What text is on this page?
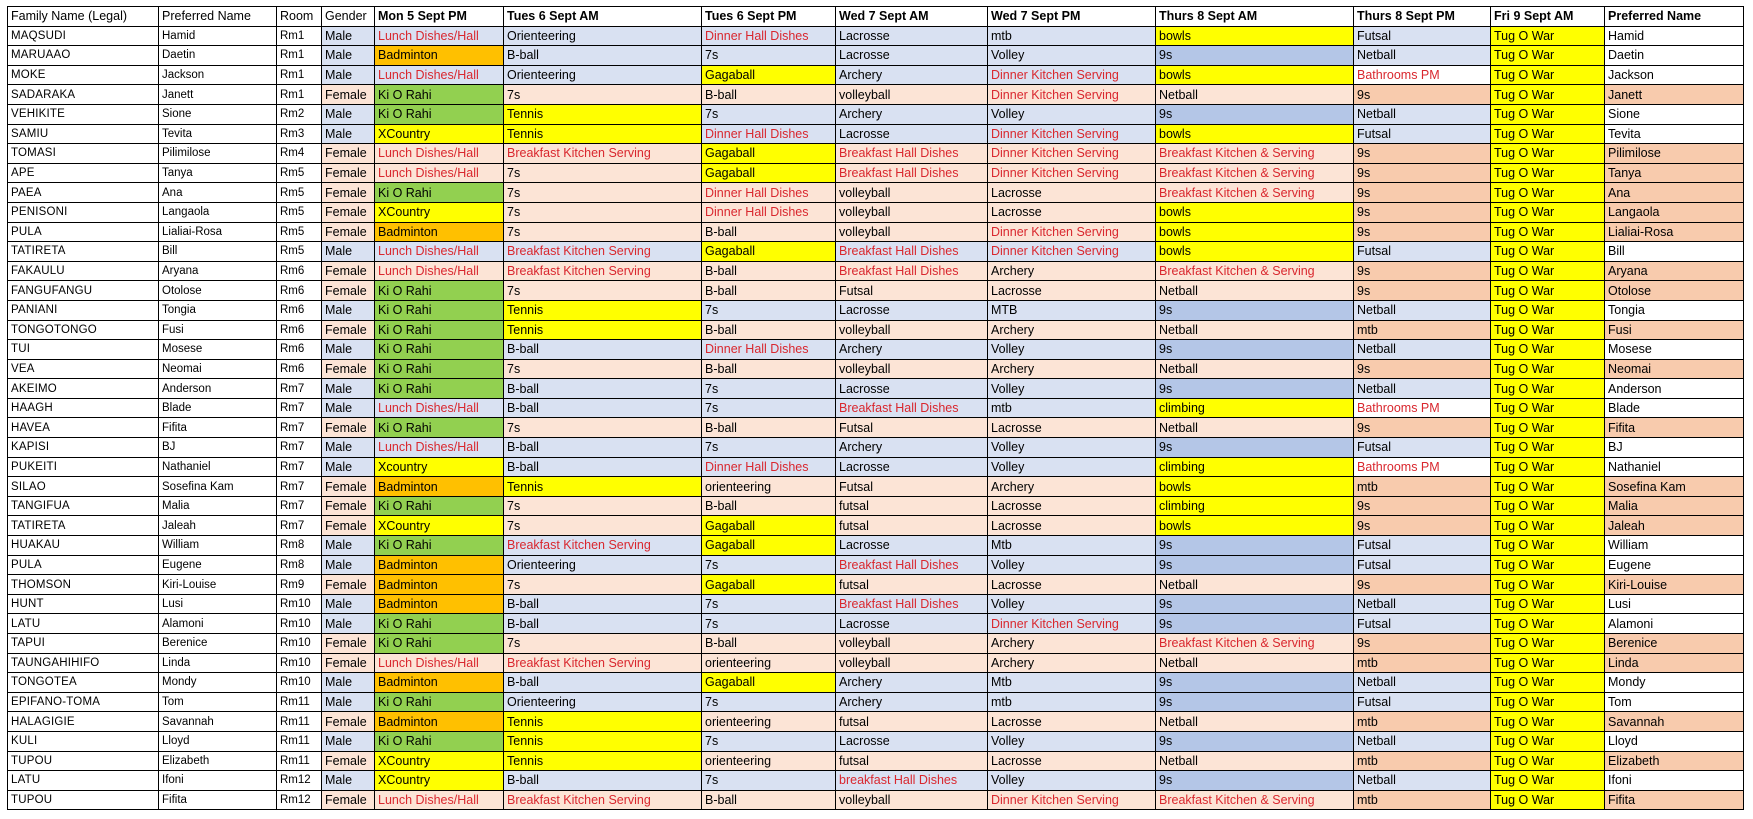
Family Name (Legal)	Preferred Name	Room	Gender	Mon 5 Sept PM	Tues 6 Sept AM	Tues 6 Sept PM	Wed 7 Sept AM	Wed 7 Sept PM	Thurs 8 Sept AM	Thurs 8 Sept PM	Fri 9 Sept AM	Preferred Name
MAQSUDI	Hamid	Rm1	Male	Lunch Dishes/Hall	Orienteering	Dinner Hall Dishes	Lacrosse	mtb	bowls	Futsal	Tug O War	Hamid
MARUAAO	Daetin	Rm1	Male	Badminton	B-ball	7s	Lacrosse	Volley	9s	Netball	Tug O War	Daetin
MOKE	Jackson	Rm1	Male	Lunch Dishes/Hall	Orienteering	Gagaball	Archery	Dinner Kitchen Serving	bowls	Bathrooms PM	Tug O War	Jackson
SADARAKA	Janett	Rm1	Female	Ki O Rahi	7s	B-ball	volleyball	Dinner Kitchen Serving	Netball	9s	Tug O War	Janett
VEHIKITE	Sione	Rm2	Male	Ki O Rahi	Tennis	7s	Archery	Volley	9s	Netball	Tug O War	Sione
SAMIU	Tevita	Rm3	Male	XCountry	Tennis	Dinner Hall Dishes	Lacrosse	Dinner Kitchen Serving	bowls	Futsal	Tug O War	Tevita
TOMASI	Pilimilose	Rm4	Female	Lunch Dishes/Hall	Breakfast Kitchen Serving	Gagaball	Breakfast Hall Dishes	Dinner Kitchen Serving	Breakfast Kitchen & Serving	9s	Tug O War	Pilimilose
APE	Tanya	Rm5	Female	Lunch Dishes/Hall	7s	Gagaball	Breakfast Hall Dishes	Dinner Kitchen Serving	Breakfast Kitchen & Serving	9s	Tug O War	Tanya
PAEA	Ana	Rm5	Female	Ki O Rahi	7s	Dinner Hall Dishes	volleyball	Lacrosse	Breakfast Kitchen & Serving	9s	Tug O War	Ana
PENISONI	Langaola	Rm5	Female	XCountry	7s	Dinner Hall Dishes	volleyball	Lacrosse	bowls	9s	Tug O War	Langaola
PULA	Lialiai-Rosa	Rm5	Female	Badminton	7s	B-ball	volleyball	Dinner Kitchen Serving	bowls	9s	Tug O War	Lialiai-Rosa
TATIRETA	Bill	Rm5	Male	Lunch Dishes/Hall	Breakfast Kitchen Serving	Gagaball	Breakfast Hall Dishes	Dinner Kitchen Serving	bowls	Futsal	Tug O War	Bill
FAKAULU	Aryana	Rm6	Female	Lunch Dishes/Hall	Breakfast Kitchen Serving	B-ball	Breakfast Hall Dishes	Archery	Breakfast Kitchen & Serving	9s	Tug O War	Aryana
FANGUFANGU	Otolose	Rm6	Female	Ki O Rahi	7s	B-ball	Futsal	Lacrosse	Netball	9s	Tug O War	Otolose
PANIANI	Tongia	Rm6	Male	Ki O Rahi	Tennis	7s	Lacrosse	MTB	9s	Netball	Tug O War	Tongia
TONGOTONGO	Fusi	Rm6	Female	Ki O Rahi	Tennis	B-ball	volleyball	Archery	Netball	mtb	Tug O War	Fusi
TUI	Mosese	Rm6	Male	Ki O Rahi	B-ball	Dinner Hall Dishes	Archery	Volley	9s	Netball	Tug O War	Mosese
VEA	Neomai	Rm6	Female	Ki O Rahi	7s	B-ball	volleyball	Archery	Netball	9s	Tug O War	Neomai
AKEIMO	Anderson	Rm7	Male	Ki O Rahi	B-ball	7s	Lacrosse	Volley	9s	Netball	Tug O War	Anderson
HAAGH	Blade	Rm7	Male	Lunch Dishes/Hall	B-ball	7s	Breakfast Hall Dishes	mtb	climbing	Bathrooms PM	Tug O War	Blade
HAVEA	Fifita	Rm7	Female	Ki O Rahi	7s	B-ball	Futsal	Lacrosse	Netball	9s	Tug O War	Fifita
KAPISI	BJ	Rm7	Male	Lunch Dishes/Hall	B-ball	7s	Archery	Volley	9s	Futsal	Tug O War	BJ
PUKEITI	Nathaniel	Rm7	Male	Xcountry	B-ball	Dinner Hall Dishes	Lacrosse	Volley	climbing	Bathrooms PM	Tug O War	Nathaniel
SILAO	Sosefina Kam	Rm7	Female	Badminton	Tennis	orienteering	Futsal	Archery	bowls	mtb	Tug O War	Sosefina Kam
TANGIFUA	Malia	Rm7	Female	Ki O Rahi	7s	B-ball	futsal	Lacrosse	climbing	9s	Tug O War	Malia
TATIRETA	Jaleah	Rm7	Female	XCountry	7s	Gagaball	futsal	Lacrosse	bowls	9s	Tug O War	Jaleah
HUAKAU	William	Rm8	Male	Ki O Rahi	Breakfast Kitchen Serving	Gagaball	Lacrosse	Mtb	9s	Futsal	Tug O War	William
PULA	Eugene	Rm8	Male	Badminton	Orienteering	7s	Breakfast Hall Dishes	Volley	9s	Futsal	Tug O War	Eugene
THOMSON	Kiri-Louise	Rm9	Female	Badminton	7s	Gagaball	futsal	Lacrosse	Netball	9s	Tug O War	Kiri-Louise
HUNT	Lusi	Rm10	Male	Badminton	B-ball	7s	Breakfast Hall Dishes	Volley	9s	Netball	Tug O War	Lusi
LATU	Alamoni	Rm10	Male	Ki O Rahi	B-ball	7s	Lacrosse	Dinner Kitchen Serving	9s	Futsal	Tug O War	Alamoni
TAPUI	Berenice	Rm10	Female	Ki O Rahi	7s	B-ball	volleyball	Archery	Breakfast Kitchen & Serving	9s	Tug O War	Berenice
TAUNGAHIHIFO	Linda	Rm10	Female	Lunch Dishes/Hall	Breakfast Kitchen Serving	orienteering	volleyball	Archery	Netball	mtb	Tug O War	Linda
TONGOTEA	Mondy	Rm10	Male	Badminton	B-ball	Gagaball	Archery	Mtb	9s	Netball	Tug O War	Mondy
EPIFANO-TOMA	Tom	Rm11	Male	Ki O Rahi	Orienteering	7s	Archery	mtb	9s	Futsal	Tug O War	Tom
HALAGIGIE	Savannah	Rm11	Female	Badminton	Tennis	orienteering	futsal	Lacrosse	Netball	mtb	Tug O War	Savannah
KULI	Lloyd	Rm11	Male	Ki O Rahi	Tennis	7s	Lacrosse	Volley	9s	Netball	Tug O War	Lloyd
TUPOU	Elizabeth	Rm11	Female	XCountry	Tennis	orienteering	futsal	Lacrosse	Netball	mtb	Tug O War	Elizabeth
LATU	Ifoni	Rm12	Male	XCountry	B-ball	7s	breakfast Hall Dishes	Volley	9s	Netball	Tug O War	Ifoni
TUPOU	Fifita	Rm12	Female	Lunch Dishes/Hall	Breakfast Kitchen Serving	B-ball	volleyball	Dinner Kitchen Serving	Breakfast Kitchen & Serving	mtb	Tug O War	Fifita
